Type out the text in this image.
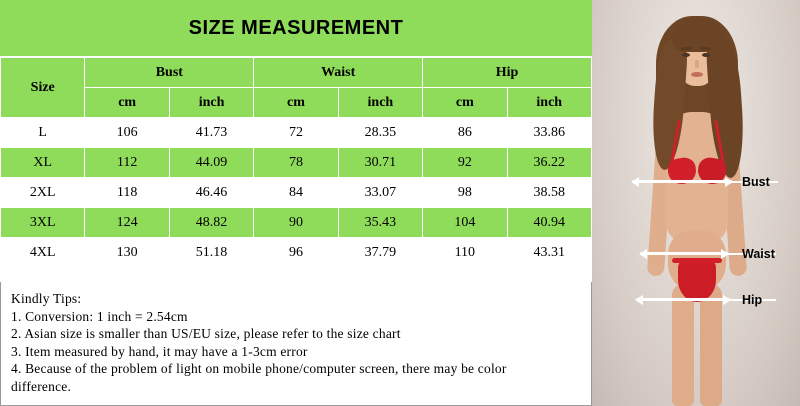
SIZE MEASUREMENT
Size	Bust		Waist		Hip	
	cm	inch	cm	inch	cm	inch
L	106	41.73	72	28.35	86	33.86
XL	112	44.09	78	30.71	92	36.22
2XL	118	46.46	84	33.07	98	38.58
3XL	124	48.82	90	35.43	104	40.94
4XL	130	51.18	96	37.79	110	43.31
Kindly Tips:
1. Conversion: 1 inch = 2.54cm
2. Asian size is smaller than US/EU size, please refer to the size chart
3. Item measured by hand, it may have a 1-3cm error
4. Because of the problem of light on mobile phone/computer screen, there may be color
difference.
Bust
Waist
Hip
